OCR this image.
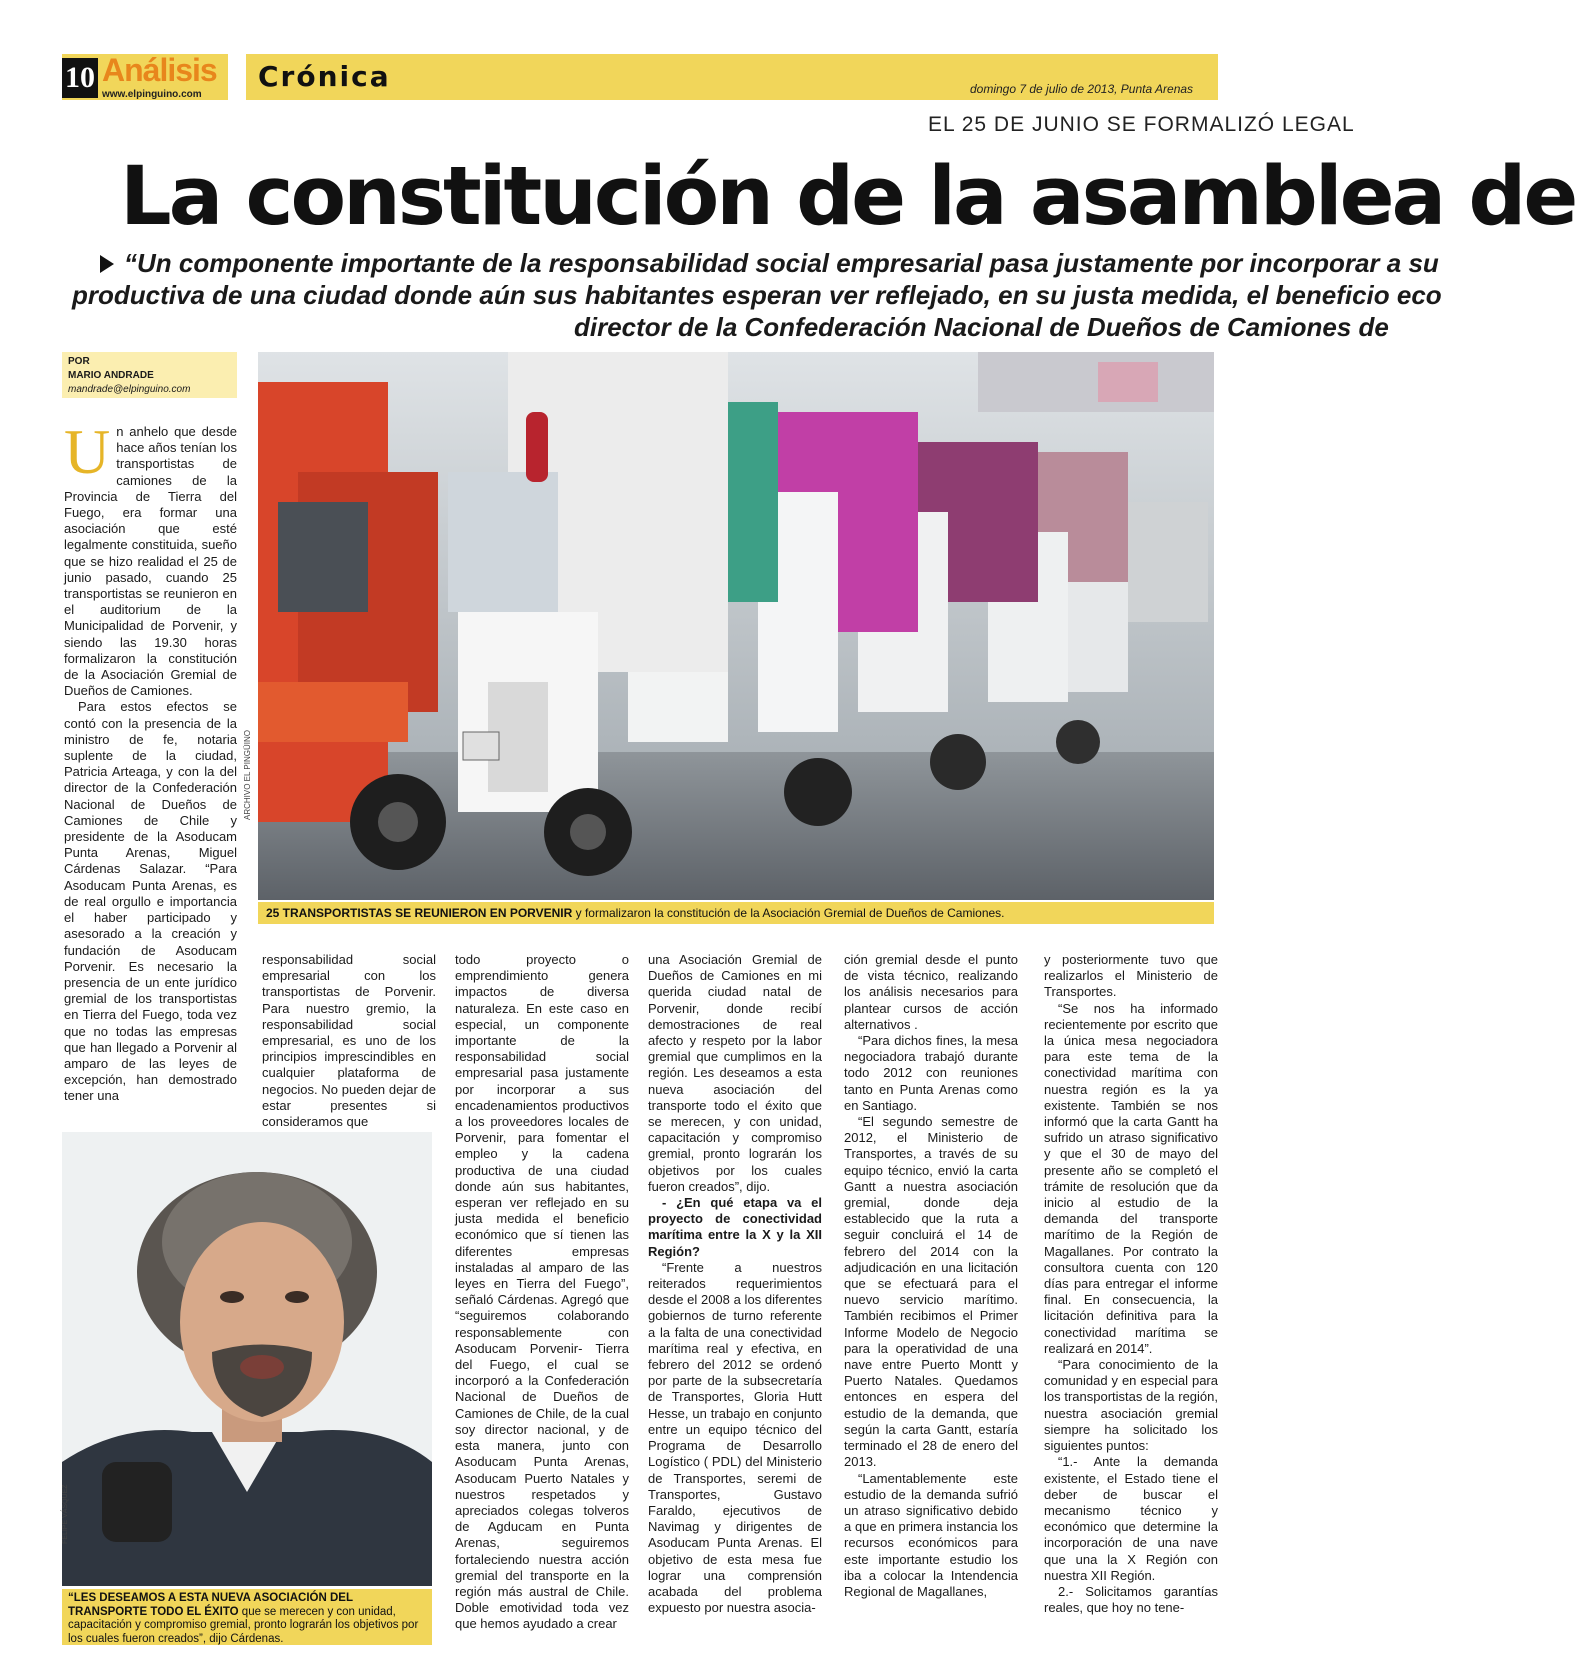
10 Análisis
www.elpinguino.com
Crónica	domingo 7 de julio de 2013, Punta Arenas
EL 25 DE JUNIO SE FORMALIZÓ LEGAL
La constitución de la asamblea de
“Un componente importante de la responsabilidad social empresarial pasa justamente por incorporar a su
productiva de una ciudad donde aún sus habitantes esperan ver reflejado, en su justa medida, el beneficio eco
director de la Confederación Nacional de Dueños de Camiones de
POR
MARIO ANDRADE
mandrade@elpinguino.com
U n anhelo que desde hace años tenían los transportistas de camiones de la Provincia de Tierra del Fuego, era formar una asociación que esté legalmente constituida, sueño que se hizo realidad el 25 de junio pasado, cuando 25 transportistas se reunieron en el auditorium de la Municipalidad de Porvenir, y siendo las 19.30 horas formalizaron la constitución de la Asociación Gremial de Dueños de Camiones.

Para estos efectos se contó con la presencia de la ministro de fe, notaria suplente de la ciudad, Patricia Arteaga, y con la del director de la Confederación Nacional de Dueños de Camiones de Chile y presidente de la Asoducam Punta Arenas, Miguel Cárdenas Salazar. “Para Asoducam Punta Arenas, es de real orgullo e importancia el haber participado y asesorado a la creación y fundación de Asoducam Porvenir. Es necesario la presencia de un ente jurídico gremial de los transportistas en Tierra del Fuego, toda vez que no todas las empresas que han llegado a Porvenir al amparo de las leyes de excepción, han demostrado tener una

ARCHIVO EL PINGÜINO
25 TRANSPORTISTAS SE REUNIERON EN PORVENIR y formalizaron la constitución de la Asociación Gremial de Dueños de Camiones.

responsabilidad social empresarial con los transportistas de Porvenir. Para nuestro gremio, la responsabilidad social empresarial, es uno de los principios imprescindibles en cualquier plataforma de negocios. No pueden dejar de estar presentes si consideramos que

todo proyecto o emprendimiento genera impactos de diversa naturaleza. En este caso en especial, un componente importante de la responsabilidad social empresarial pasa justamente por incorporar a sus encadenamientos productivos a los proveedores locales de Porvenir, para fomentar el empleo y la cadena productiva de una ciudad donde aún sus habitantes, esperan ver reflejado en su justa medida el beneficio económico que sí tienen las diferentes empresas instaladas al amparo de las leyes en Tierra del Fuego”, señaló Cárdenas. Agregó que “seguiremos colaborando responsablemente con Asoducam Porvenir- Tierra del Fuego, el cual se incorporó a la Confederación Nacional de Dueños de Camiones de Chile, de la cual soy director nacional, y de esta manera, junto con Asoducam Punta Arenas, Asoducam Puerto Natales y nuestros respetados y apreciados colegas tolveros de Agducam en Punta Arenas, seguiremos fortaleciendo nuestra acción gremial del transporte en la región más austral de Chile. Doble emotividad toda vez que hemos ayudado a crear

una Asociación Gremial de Dueños de Camiones en mi querida ciudad natal de Porvenir, donde recibí demostraciones de real afecto y respeto por la labor gremial que cumplimos en la región. Les deseamos a esta nueva asociación del transporte todo el éxito que se merecen, y con unidad, capacitación y compromiso gremial, pronto lograrán los objetivos por los cuales fueron creados”, dijo.

- ¿En qué etapa va el proyecto de conectividad marítima entre la X y la XII Región?

“Frente a nuestros reiterados requerimientos desde el 2008 a los diferentes gobiernos de turno referente a la falta de una conectividad marítima real y efectiva, en febrero del 2012 se ordenó por parte de la subsecretaría de Transportes, Gloria Hutt Hesse, un trabajo en conjunto entre un equipo técnico del Programa de Desarrollo Logístico ( PDL) del Ministerio de Transportes, seremi de Transportes, Gustavo Faraldo, ejecutivos de Navimag y dirigentes de Asoducam Punta Arenas. El objetivo de esta mesa fue lograr una comprensión acabada del problema expuesto por nuestra asocia-

ción gremial desde el punto de vista técnico, realizando los análisis necesarios para plantear cursos de acción alternativos .

“Para dichos fines, la mesa negociadora trabajó durante todo 2012 con reuniones tanto en Punta Arenas como en Santiago.

“El segundo semestre de 2012, el Ministerio de Transportes, a través de su equipo técnico, envió la carta Gantt a nuestra asociación gremial, donde deja establecido que la ruta a seguir concluirá el 14 de febrero del 2014 con la adjudicación en una licitación que se efectuará para el nuevo servicio marítimo. También recibimos el Primer Informe Modelo de Negocio para la operatividad de una nave entre Puerto Montt y Puerto Natales. Quedamos entonces en espera del estudio de la demanda, que según la carta Gantt, estaría terminado el 28 de enero del 2013.

“Lamentablemente este estudio de la demanda sufrió un atraso significativo debido a que en primera instancia los recursos económicos para este importante estudio los iba a colocar la Intendencia Regional de Magallanes,

y posteriormente tuvo que realizarlos el Ministerio de Transportes.

“Se nos ha informado recientemente por escrito que la única mesa negociadora para este tema de la conectividad marítima con nuestra región es la ya existente. También se nos informó que la carta Gantt ha sufrido un atraso significativo y que el 30 de mayo del presente año se completó el trámite de resolución que da inicio al estudio de la demanda del transporte marítimo de la Región de Magallanes. Por contrato la consultora cuenta con 120 días para entregar el informe final. En consecuencia, la licitación definitiva para la conectividad marítima se realizará en 2014”.

“Para conocimiento de la comunidad y en especial para los transportistas de la región, nuestra asociación gremial siempre ha solicitado los siguientes puntos:

“1.- Ante la demanda existente, el Estado tiene el deber de buscar el mecanismo técnico y económico que determine la incorporación de una nave que una la X Región con nuestra XII Región.

2.- Solicitamos garantías reales, que hoy no tene-

FELIPE VÁSQUEZ
“LES DESEAMOS A ESTA NUEVA ASOCIACIÓN DEL TRANSPORTE TODO EL ÉXITO que se merecen y con unidad, capacitación y compromiso gremial, pronto lograrán los objetivos por los cuales fueron creados”, dijo Cárdenas.
